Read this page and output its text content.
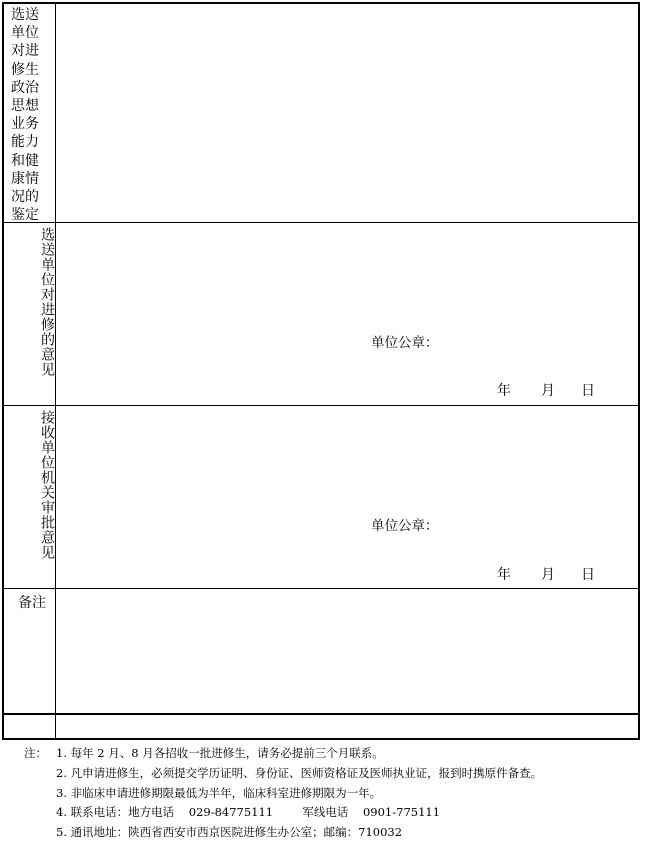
选送单位对进修生政治思想业务能力和健康情况的鉴定
选送单位对进修的意见	单位公章：
年 月 日
接收单位机关审批意见	单位公章：
年 月 日
备注
注： 1. 每年 2 月、8 月各招收一批进修生，请务必提前三个月联系。
2. 凡申请进修生，必须提交学历证明、身份证、医师资格证及医师执业证，报到时携原件备查。
3. 非临床申请进修期限最低为半年，临床科室进修期限为一年。
4. 联系电话：地方电话    029-84775111        军线电话    0901-775111
5. 通讯地址：陕西省西安市西京医院进修生办公室；邮编：710032
